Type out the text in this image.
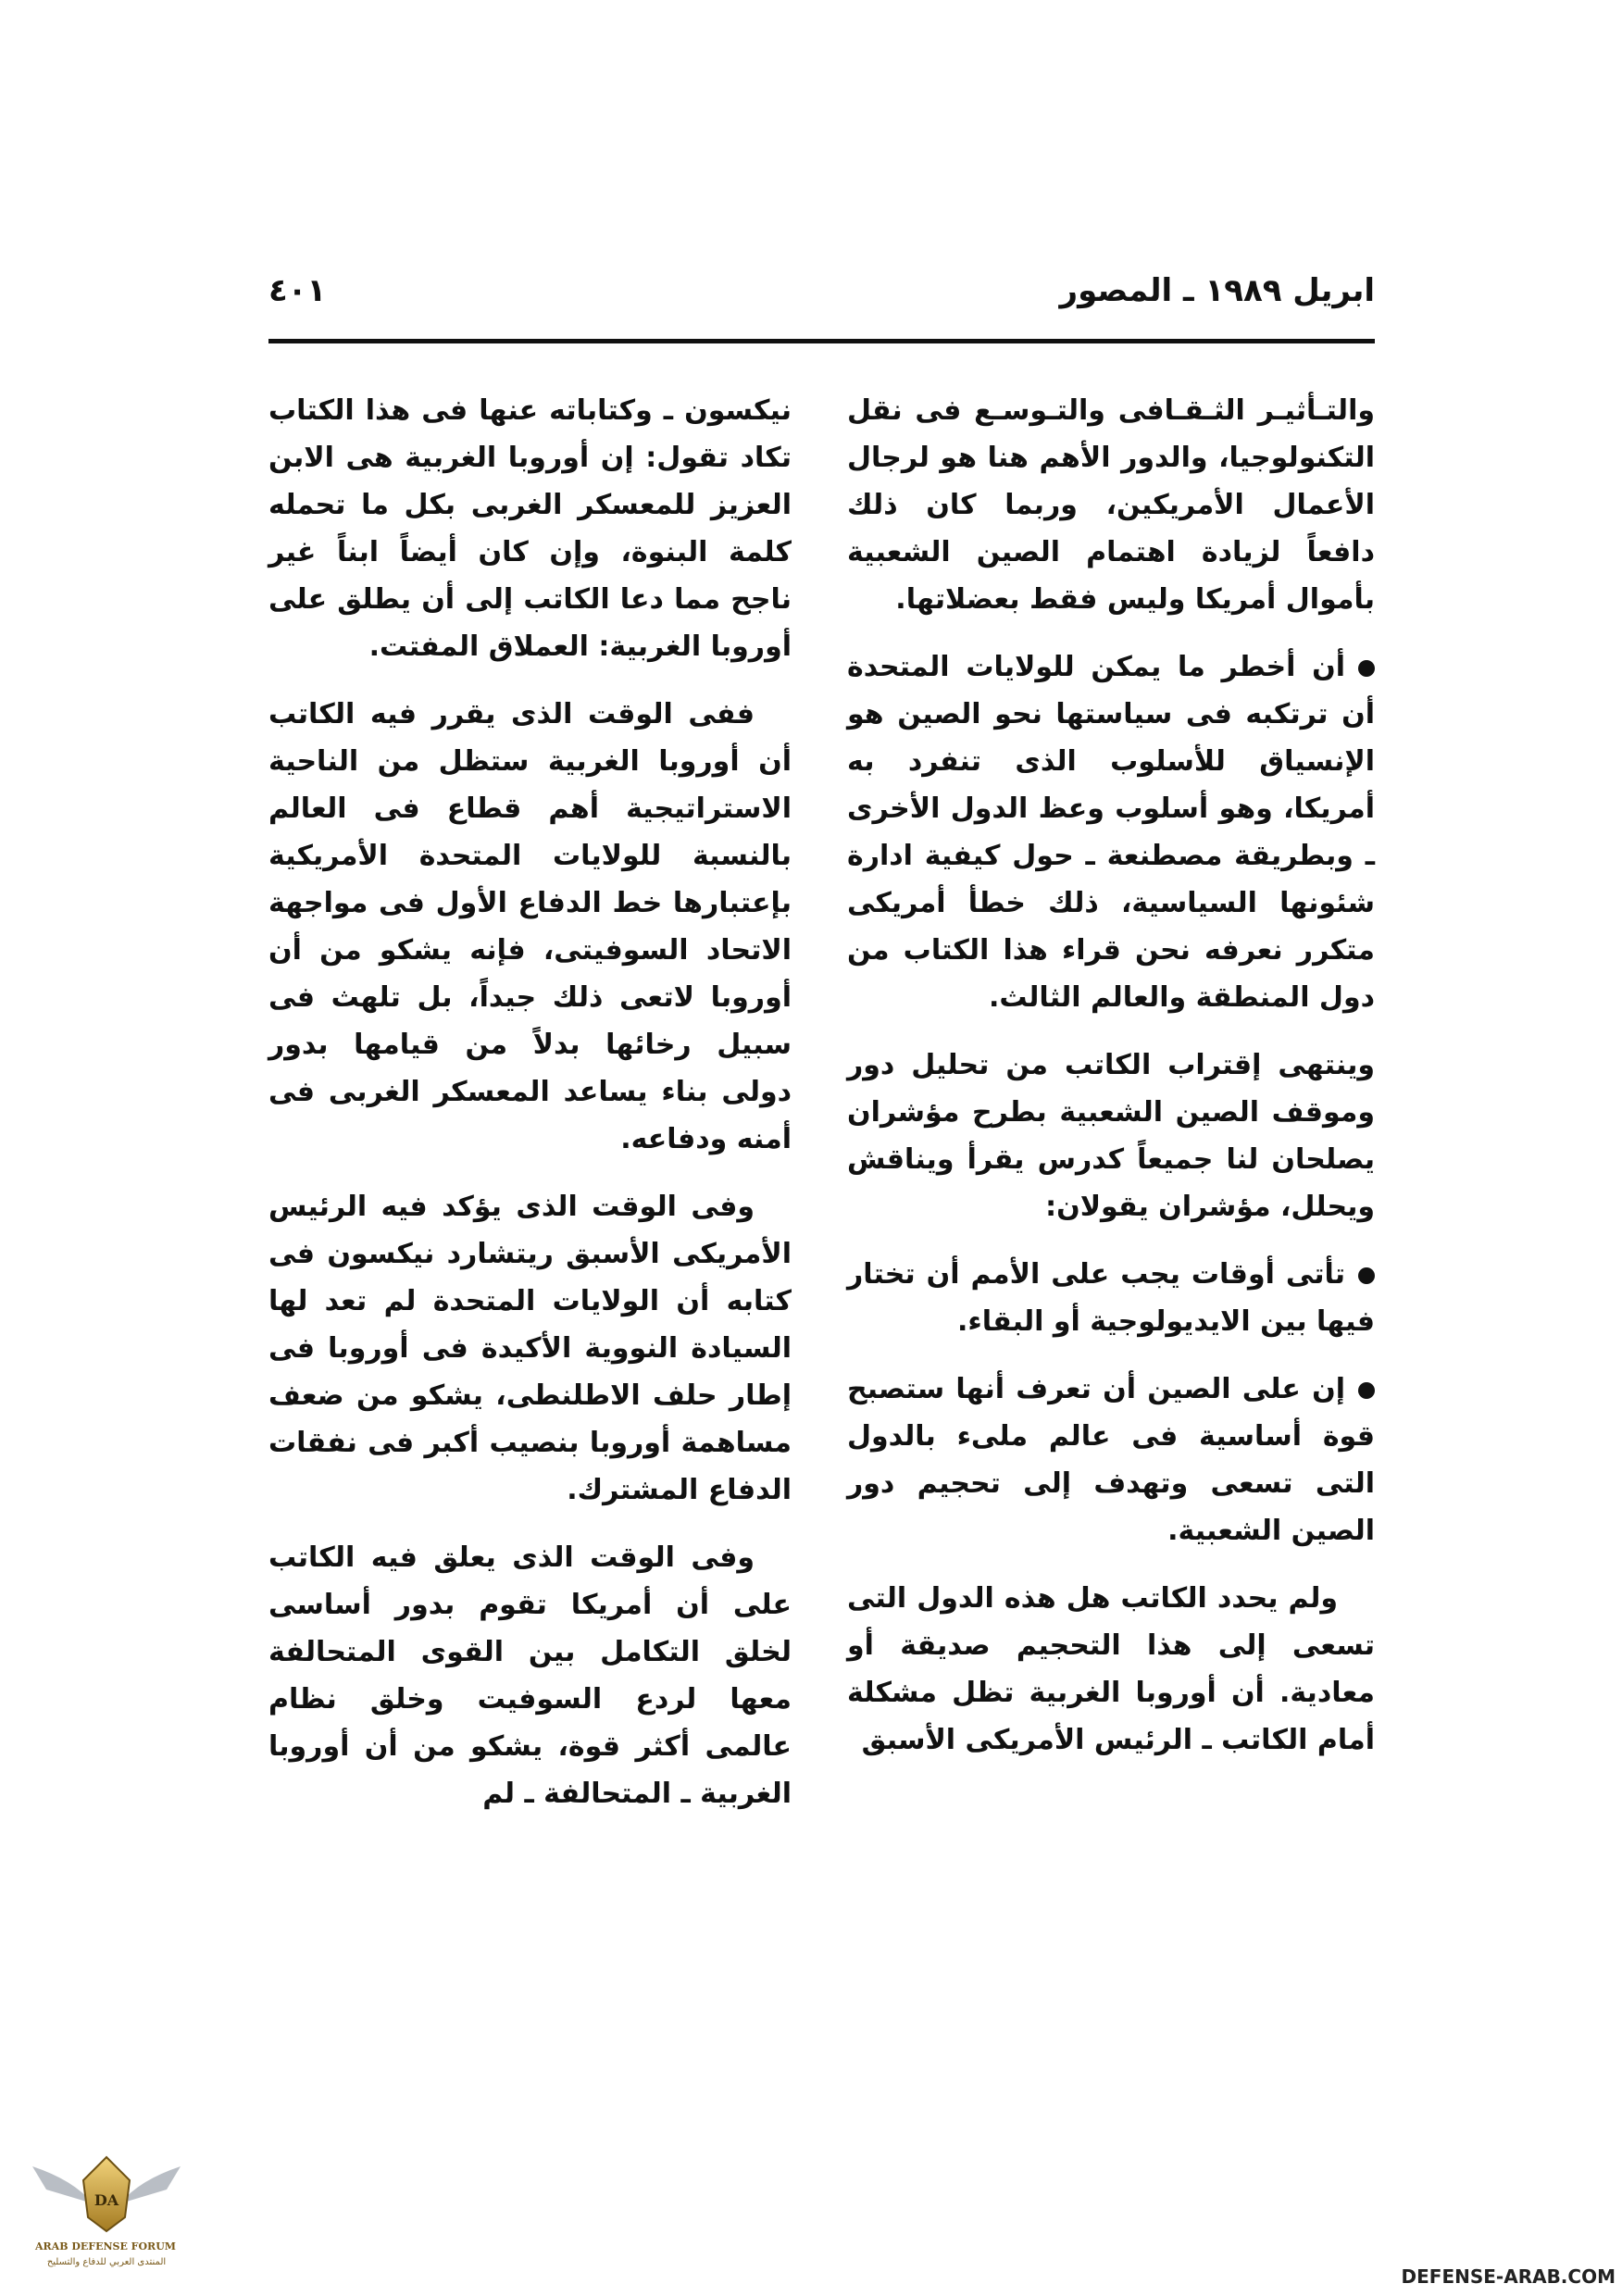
ابريل ١٩٨٩ ـ المصور
٤٠١

والتـأثيـر الثـقـافى والتـوسـع فى نقل التكنولوجيا، والدور الأهم هنا هو لرجال الأعمال الأمريكين، وربما كان ذلك دافعاً لزيادة اهتمام الصين الشعبية بأموال أمريكا وليس فقط بعضلاتها.

أن أخطر ما يمكن للولايات المتحدة أن ترتكبه فى سياستها نحو الصين هو الإنسياق للأسلوب الذى تنفرد به أمريكا، وهو أسلوب وعظ الدول الأخرى ـ وبطريقة مصطنعة ـ حول كيفية ادارة شئونها السياسية، ذلك خطأ أمريكى متكرر نعرفه نحن قراء هذا الكتاب من دول المنطقة والعالم الثالث.

وينتهى إقتراب الكاتب من تحليل دور وموقف الصين الشعبية بطرح مؤشران يصلحان لنا جميعاً كدرس يقرأ ويناقش ويحلل، مؤشران يقولان:

تأتى أوقات يجب على الأمم أن تختار فيها بين الايديولوجية أو البقاء.

إن على الصين أن تعرف أنها ستصبح قوة أساسية فى عالم ملىء بالدول التى تسعى وتهدف إلى تحجيم دور الصين الشعبية.

ولم يحدد الكاتب هل هذه الدول التى تسعى إلى هذا التحجيم صديقة أو معادية. أن أوروبا الغربية تظل مشكلة أمام الكاتب ـ الرئيس الأمريكى الأسبق

نيكسون ـ وكتاباته عنها فى هذا الكتاب تكاد تقول: إن أوروبا الغربية هى الابن العزيز للمعسكر الغربى بكل ما تحمله كلمة البنوة، وإن كان أيضاً ابناً غير ناجح مما دعا الكاتب إلى أن يطلق على أوروبا الغربية: العملاق المفتت.

ففى الوقت الذى يقرر فيه الكاتب أن أوروبا الغربية ستظل من الناحية الاستراتيجية أهم قطاع فى العالم بالنسبة للولايات المتحدة الأمريكية بإعتبارها خط الدفاع الأول فى مواجهة الاتحاد السوفيتى، فإنه يشكو من أن أوروبا لاتعى ذلك جيداً، بل تلهث فى سبيل رخائها بدلاً من قيامها بدور دولى بناء يساعد المعسكر الغربى فى أمنه ودفاعه.

وفى الوقت الذى يؤكد فيه الرئيس الأمريكى الأسبق ريتشارد نيكسون فى كتابه أن الولايات المتحدة لم تعد لها السيادة النووية الأكيدة فى أوروبا فى إطار حلف الاطلنطى، يشكو من ضعف مساهمة أوروبا بنصيب أكبر فى نفقات الدفاع المشترك.

وفى الوقت الذى يعلق فيه الكاتب على أن أمريكا تقوم بدور أساسى لخلق التكامل بين القوى المتحالفة معها لردع السوفيت وخلق نظام عالمى أكثر قوة، يشكو من أن أوروبا الغربية ـ المتحالفة ـ لم

DA
ARAB DEFENSE FORUM
المنتدى العربي للدفاع والتسليح
DEFENSE-ARAB.COM
